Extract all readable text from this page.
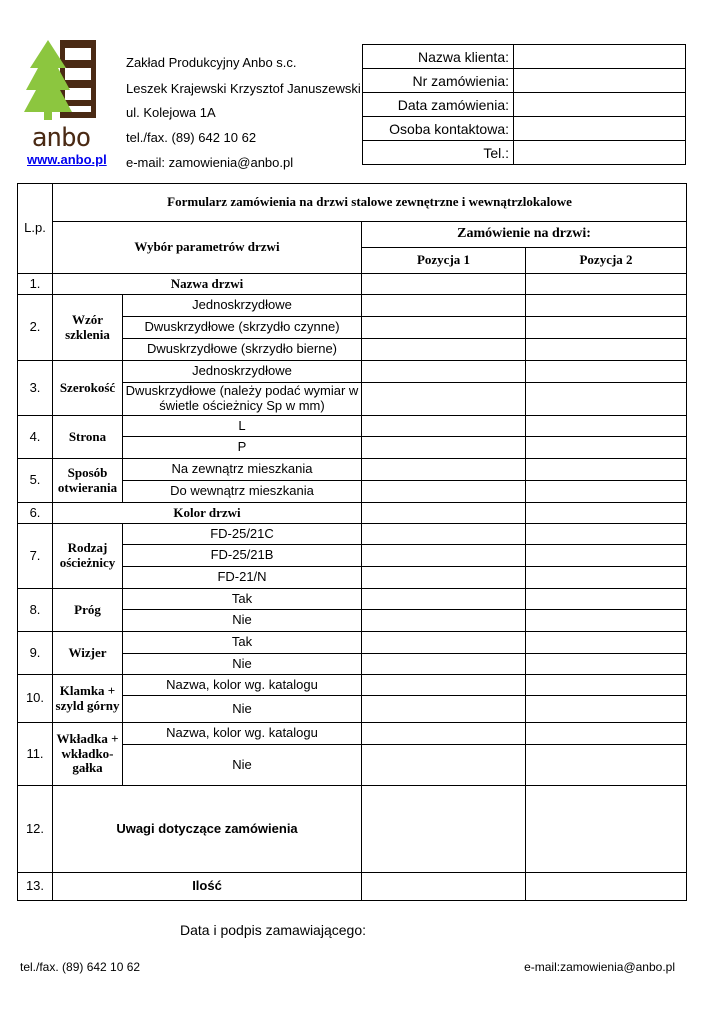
anbo
www.anbo.pl
Zakład Produkcyjny Anbo s.c.
Leszek Krajewski Krzysztof Januszewski
ul. Kolejowa 1A
tel./fax. (89) 642 10 62
e-mail: zamowienia@anbo.pl
Nazwa klienta:	
Nr zamówienia:	
Data zamówienia:	
Osoba kontaktowa:	
Tel.:	
L.p.	Formularz zamówienia na drzwi stalowe zewnętrzne i wewnątrzlokalowe			
	Wybór parametrów drzwi		Zamówienie na drzwi:	
			Pozycja 1	Pozycja 2
1.	Nazwa drzwi			
2.	Wzór szklenia	Jednoskrzydłowe		
		Dwuskrzydłowe (skrzydło czynne)		
		Dwuskrzydłowe (skrzydło bierne)		
3.	Szerokość	Jednoskrzydłowe		
		Dwuskrzydłowe (należy podać wymiar w świetle ościeżnicy Sp w mm)		
4.	Strona	L		
		P		
5.	Sposób otwierania	Na zewnątrz mieszkania		
		Do wewnątrz mieszkania		
6.	Kolor drzwi			
7.	Rodzaj ościeżnicy	FD-25/21C		
		FD-25/21B		
		FD-21/N		
8.	Próg	Tak		
		Nie		
9.	Wizjer	Tak		
		Nie		
10.	Klamka + szyld górny	Nazwa, kolor wg. katalogu		
		Nie		
11.	Wkładka + wkładko-gałka	Nazwa, kolor wg. katalogu		
		Nie		
12.	Uwagi dotyczące zamówienia			
13.	Ilość			
Data i podpis zamawiającego:
tel./fax. (89) 642 10 62	e-mail:zamowienia@anbo.pl
